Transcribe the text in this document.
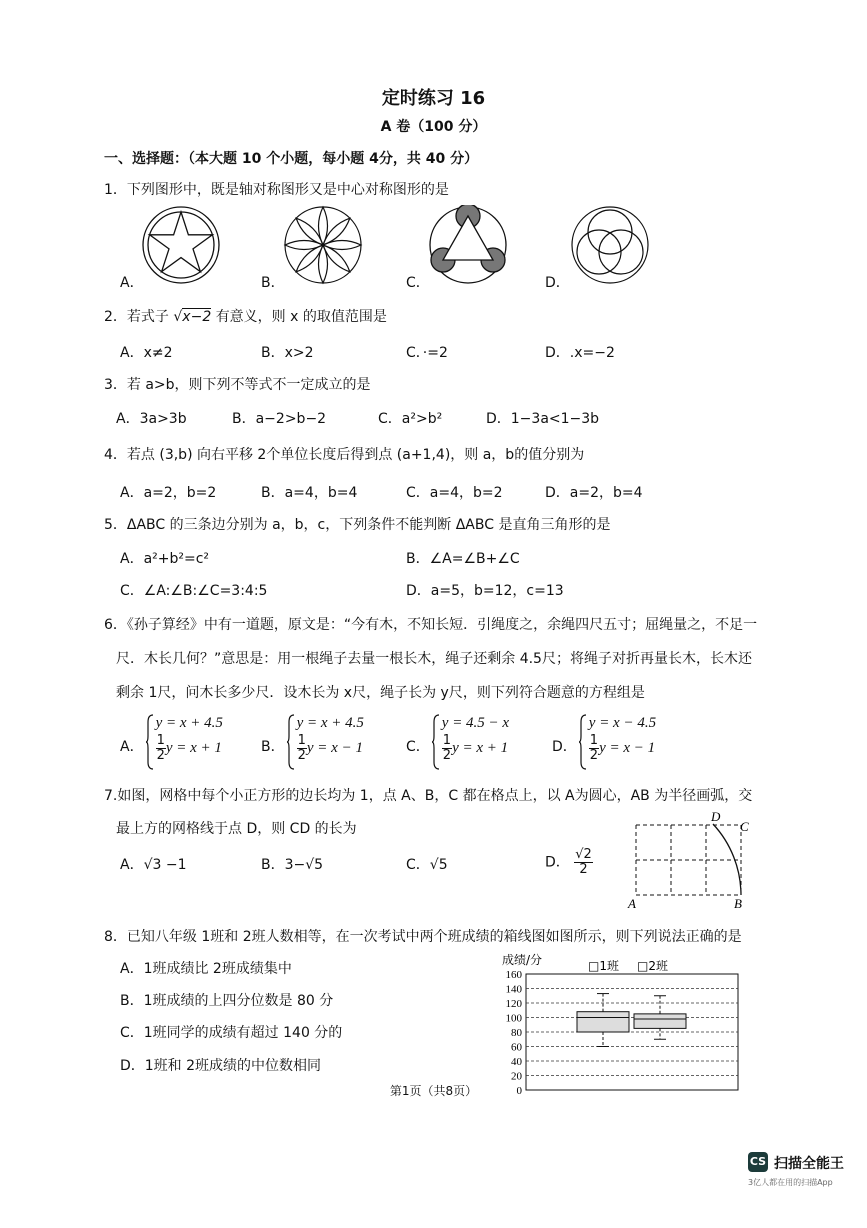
定时练习 16
A 卷（100 分）
一、选择题：（本大题 10 个小题，每小题 4分，共 40 分）
1．下列图形中，既是轴对称图形又是中心对称图形的是
A．	B．	C．	D．
2．若式子 √x−2 有意义，则 x 的取值范围是
A．x≠2	B．x>2	C．·=2	D．.x=−2
3．若 a>b，则下列不等式不一定成立的是
A．3a>3b	B．a−2>b−2	C．a²>b²	D．1−3a<1−3b
4．若点 (3,b) 向右平移 2个单位长度后得到点 (a+1,4)，则 a，b的值分别为
A．a=2，b=2	B．a=4，b=4	C．a=4，b=2	D．a=2，b=4
5．ΔABC 的三条边分别为 a，b，c，下列条件不能判断 ΔABC 是直角三角形的是
A．a²+b²=c²	B．∠A=∠B+∠C
C．∠A:∠B:∠C=3:4:5	D．a=5，b=12，c=13
6．《孙子算经》中有一道题，原文是：“今有木，不知长短．引绳度之，余绳四尺五寸；屈绳量之，不足一
尺．木长几何？”意思是：用一根绳子去量一根长木，绳子还剩余 4.5尺；将绳子对折再量长木，长木还
剩余 1尺，问木长多少尺．设木长为 x尺，绳子长为 y尺，则下列符合题意的方程组是
A．
y = x + 4.5
$\frac{1}{2}$ y = x + 1	B．
y = x + 4.5
$\frac{1}{2}$ y = x − 1	C．
y = 4.5 − x
$\frac{1}{2}$ y = x + 1	D．
y = x − 4.5
$\frac{1}{2}$ y = x − 1
7.如图，网格中每个小正方形的边长均为 1，点 A、B，C 都在格点上，以 A为圆心，AB 为半径画弧，交
最上方的网格线于点 D，则 CD 的长为
A．√3 −1	B．3−√5	C．√5	D． $\frac{√2}{2}$
D
C
A	B
8．已知八年级 1班和 2班人数相等，在一次考试中两个班成绩的箱线图如图所示，则下列说法正确的是
A．1班成绩比 2班成绩集中
B．1班成绩的上四分位数是 80 分
C．1班同学的成绩有超过 140 分的
D．1班和 2班成绩的中位数相同
成绩/分	□1班 □2班
0
20
40
60
80
100
120
140
160
第1页（共8页）
CS 扫描全能王
3亿人都在用的扫描App
